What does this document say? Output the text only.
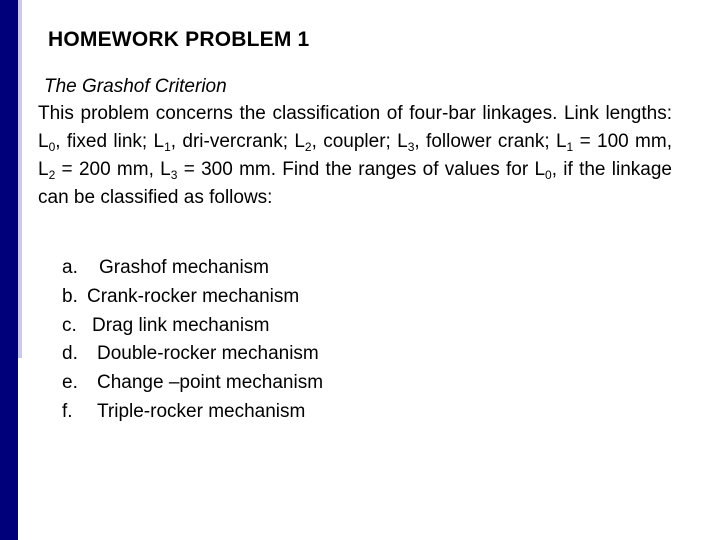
HOMEWORK PROBLEM 1
The Grashof Criterion

This problem concerns the classification of four-bar linkages. Link lengths: $L_0$, fixed link; $L_1$, dri-vercrank; $L_2$, coupler; $L_3$, follower crank; $L_1 = 100$ mm, $L_2 = 200$ mm, $L_3 = 300$ mm. Find the ranges of values for $L_0$, if the linkage can be classified as follows:

a. Grashof mechanism
b. Crank-rocker mechanism
c. Drag link mechanism
d. Double-rocker mechanism
e. Change –point mechanism
f. Triple-rocker mechanism
